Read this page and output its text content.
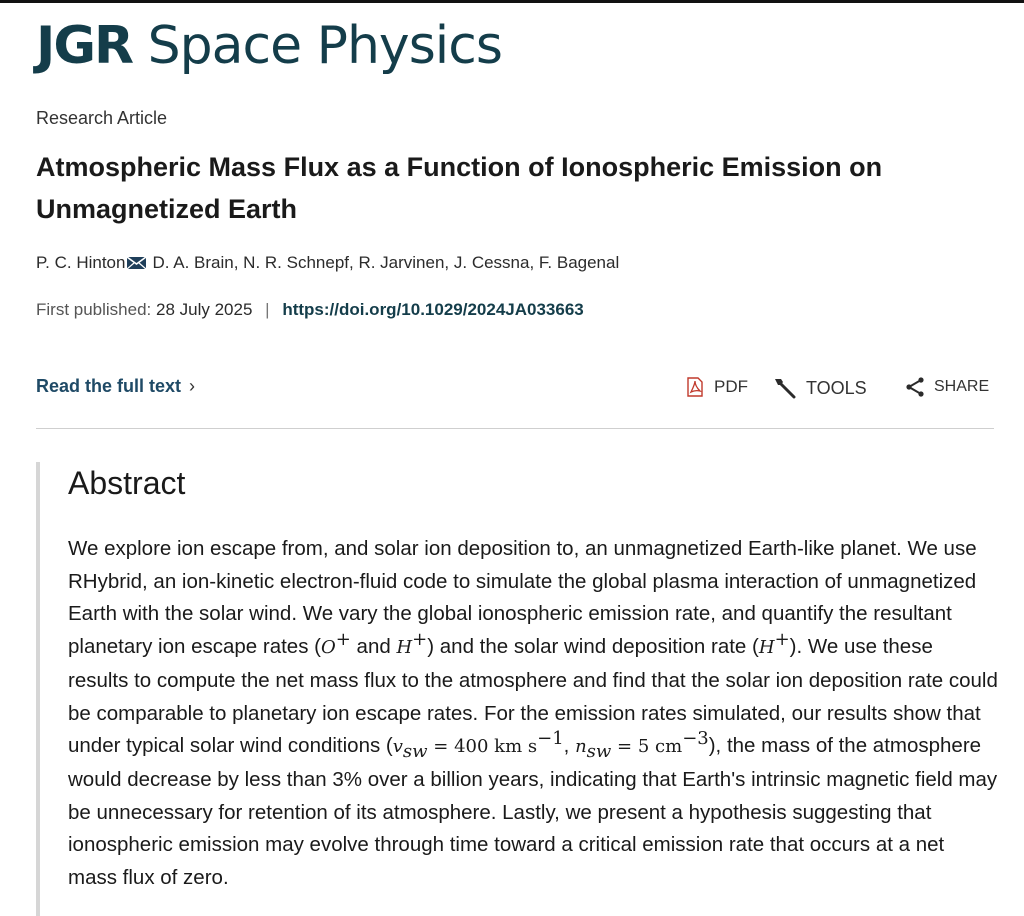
JGR Space Physics
Research Article
Atmospheric Mass Flux as a Function of Ionospheric Emission on Unmagnetized Earth
P. C. Hinton D. A. Brain, N. R. Schnepf, R. Jarvinen, J. Cessna, F. Bagenal
First published: 28 July 2025 | https://doi.org/10.1029/2024JA033663
Read the full text ›	PDF	TOOLS	SHARE
Abstract

We explore ion escape from, and solar ion deposition to, an unmagnetized Earth-like planet. We use RHybrid, an ion-kinetic electron-fluid code to simulate the global plasma interaction of unmagnetized Earth with the solar wind. We vary the global ionospheric emission rate, and quantify the resultant planetary ion escape rates (O+ and H+) and the solar wind deposition rate (H+). We use these results to compute the net mass flux to the atmosphere and find that the solar ion deposition rate could be comparable to planetary ion escape rates. For the emission rates simulated, our results show that under typical solar wind conditions ($v_{sw} = 400$ km $s^{-1}$, $n_{sw} = 5$ $cm^{-3}$), the mass of the atmosphere would decrease by less than 3% over a billion years, indicating that Earth's intrinsic magnetic field may be unnecessary for retention of its atmosphere. Lastly, we present a hypothesis suggesting that ionospheric emission may evolve through time toward a critical emission rate that occurs at a net mass flux of zero.
